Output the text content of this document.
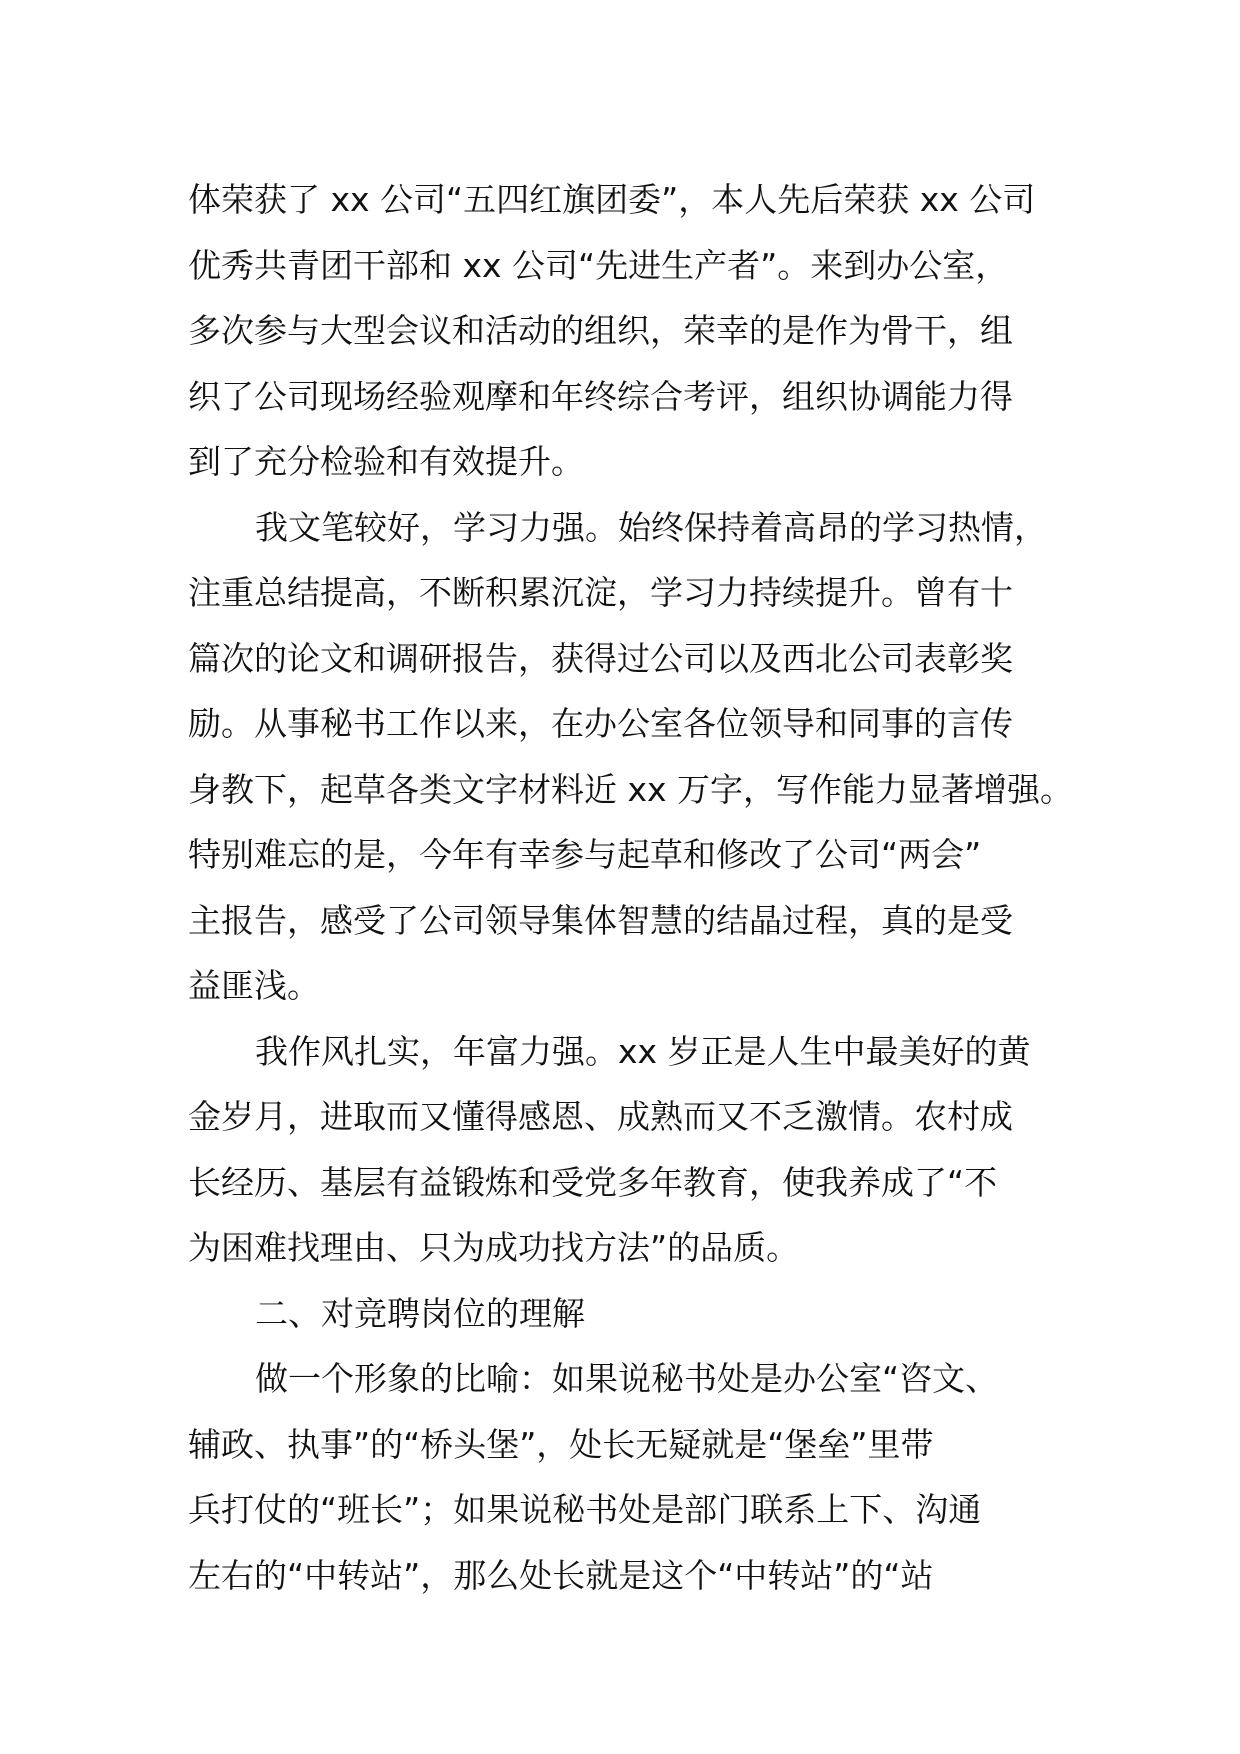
体荣获了 xx 公司“五四红旗团委”，本人先后荣获 xx 公司
优秀共青团干部和 xx 公司“先进生产者”。来到办公室，
多次参与大型会议和活动的组织，荣幸的是作为骨干，组
织了公司现场经验观摩和年终综合考评，组织协调能力得
到了充分检验和有效提升。
我文笔较好，学习力强。始终保持着高昂的学习热情，
注重总结提高，不断积累沉淀，学习力持续提升。曾有十
篇次的论文和调研报告，获得过公司以及西北公司表彰奖
励。从事秘书工作以来，在办公室各位领导和同事的言传
身教下，起草各类文字材料近 xx 万字，写作能力显著增强。
特别难忘的是，今年有幸参与起草和修改了公司“两会”
主报告，感受了公司领导集体智慧的结晶过程，真的是受
益匪浅。
我作风扎实，年富力强。xx 岁正是人生中最美好的黄
金岁月，进取而又懂得感恩、成熟而又不乏激情。农村成
长经历、基层有益锻炼和受党多年教育，使我养成了“不
为困难找理由、只为成功找方法”的品质。
二、对竞聘岗位的理解
做一个形象的比喻：如果说秘书处是办公室“咨文、
辅政、执事”的“桥头堡”，处长无疑就是“堡垒”里带
兵打仗的“班长”；如果说秘书处是部门联系上下、沟通
左右的“中转站”，那么处长就是这个“中转站”的“站
